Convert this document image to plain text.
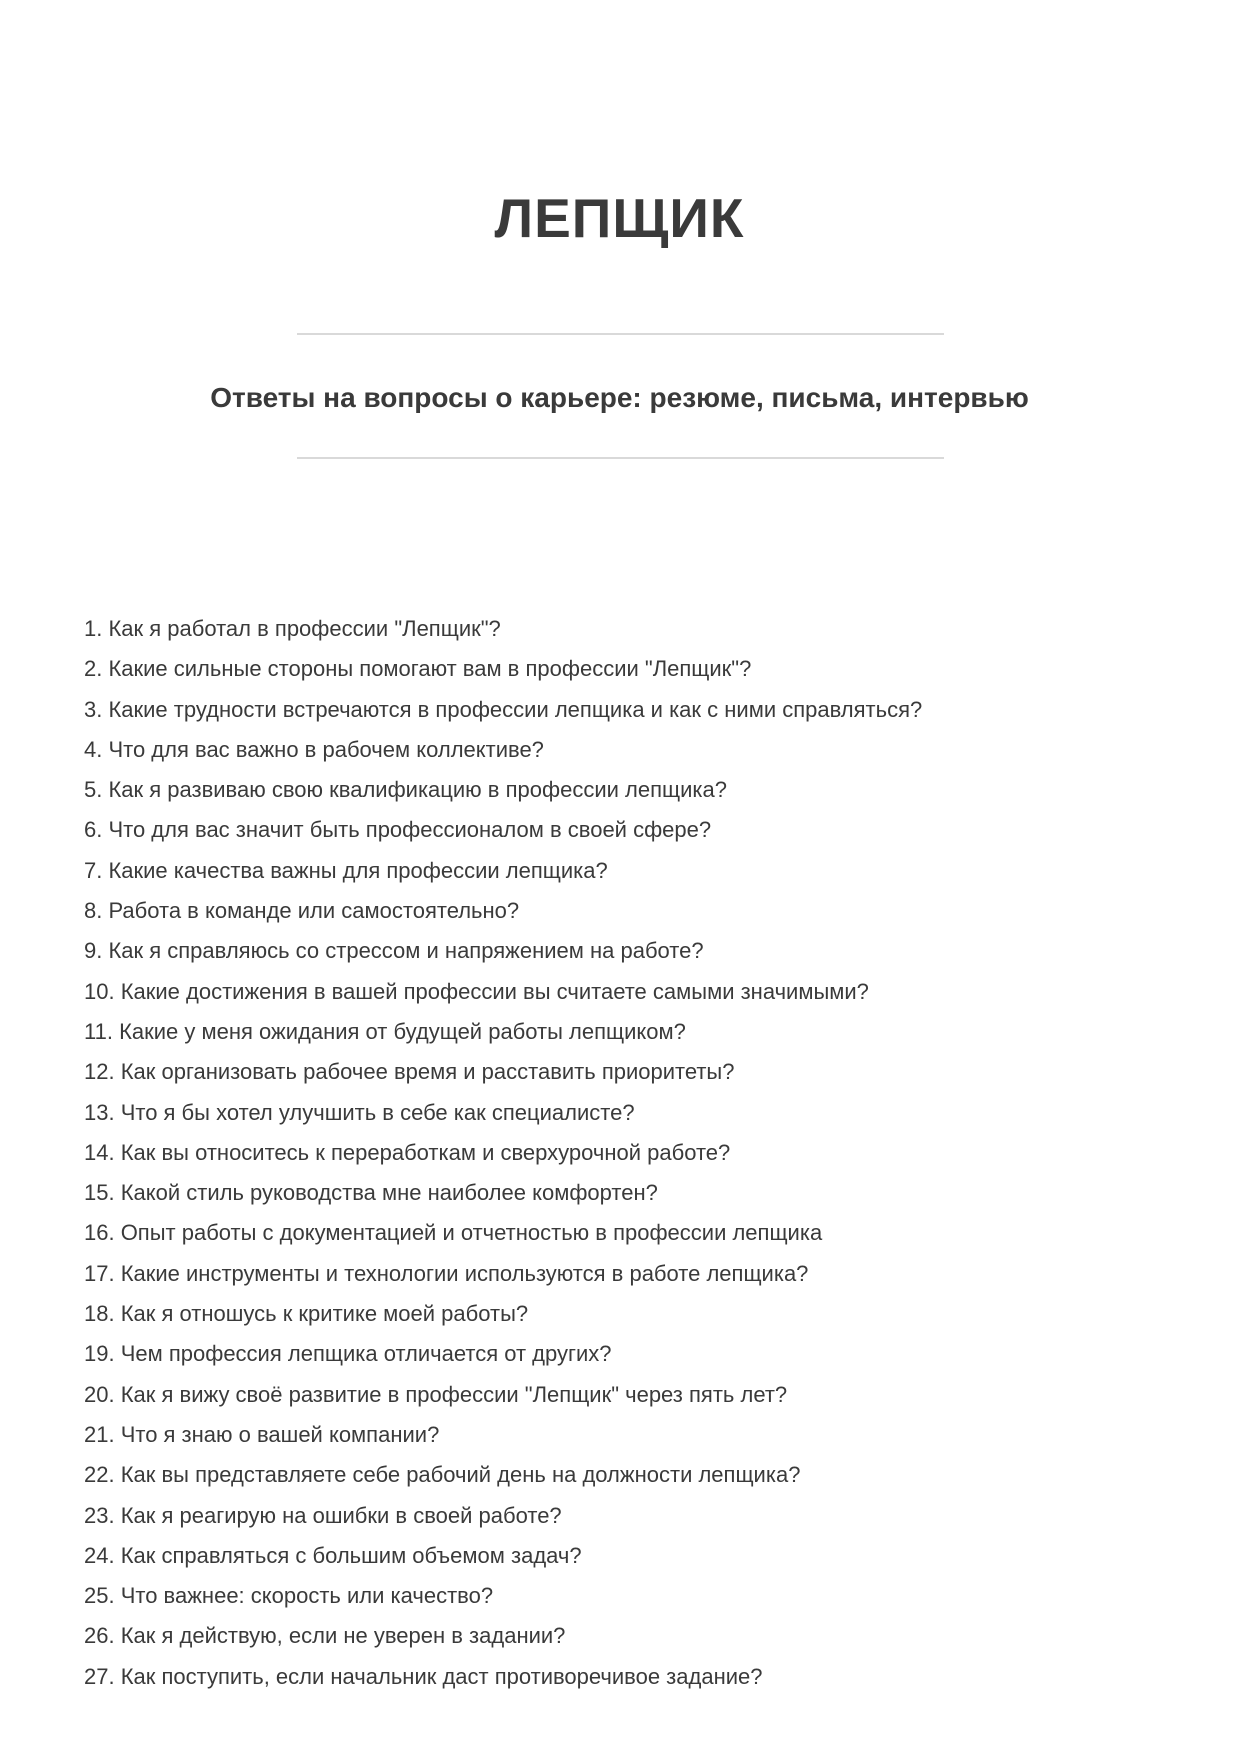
ЛЕПЩИК
Ответы на вопросы о карьере: резюме, письма, интервью
1. Как я работал в профессии "Лепщик"?
2. Какие сильные стороны помогают вам в профессии "Лепщик"?
3. Какие трудности встречаются в профессии лепщика и как с ними справляться?
4. Что для вас важно в рабочем коллективе?
5. Как я развиваю свою квалификацию в профессии лепщика?
6. Что для вас значит быть профессионалом в своей сфере?
7. Какие качества важны для профессии лепщика?
8. Работа в команде или самостоятельно?
9. Как я справляюсь со стрессом и напряжением на работе?
10. Какие достижения в вашей профессии вы считаете самыми значимыми?
11. Какие у меня ожидания от будущей работы лепщиком?
12. Как организовать рабочее время и расставить приоритеты?
13. Что я бы хотел улучшить в себе как специалисте?
14. Как вы относитесь к переработкам и сверхурочной работе?
15. Какой стиль руководства мне наиболее комфортен?
16. Опыт работы с документацией и отчетностью в профессии лепщика
17. Какие инструменты и технологии используются в работе лепщика?
18. Как я отношусь к критике моей работы?
19. Чем профессия лепщика отличается от других?
20. Как я вижу своё развитие в профессии "Лепщик" через пять лет?
21. Что я знаю о вашей компании?
22. Как вы представляете себе рабочий день на должности лепщика?
23. Как я реагирую на ошибки в своей работе?
24. Как справляться с большим объемом задач?
25. Что важнее: скорость или качество?
26. Как я действую, если не уверен в задании?
27. Как поступить, если начальник даст противоречивое задание?
